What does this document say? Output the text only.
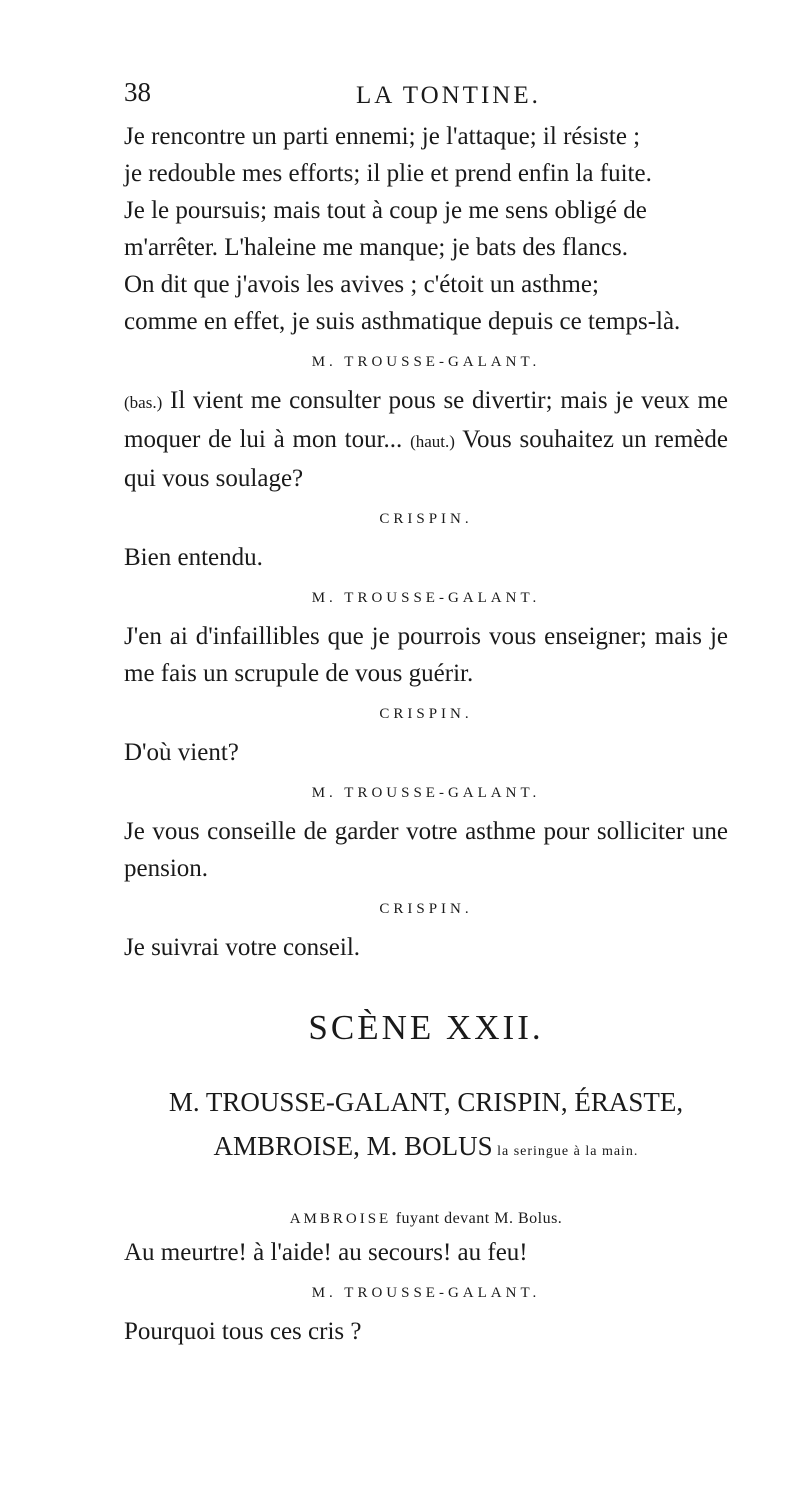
38	LA TONTINE.

Je rencontre un parti ennemi; je l'attaque; il résiste ;
je redouble mes efforts; il plie et prend enfin la fuite.
Je le poursuis; mais tout à coup je me sens obligé de
m'arrêter. L'haleine me manque; je bats des flancs.
On dit que j'avois les avives ; c'étoit un asthme;
comme en effet, je suis asthmatique depuis ce temps-là.

M. TROUSSE-GALANT.

(bas.) Il vient me consulter pous se divertir; mais je veux me moquer de lui à mon tour... (haut.) Vous souhaitez un remède qui vous soulage?

CRISPIN.

Bien entendu.

M. TROUSSE-GALANT.

J'en ai d'infaillibles que je pourrois vous enseigner; mais je me fais un scrupule de vous guérir.

CRISPIN.

D'où vient?

M. TROUSSE-GALANT.

Je vous conseille de garder votre asthme pour solliciter une pension.

CRISPIN.

Je suivrai votre conseil.

SCÈNE XXII.

M. TROUSSE-GALANT, CRISPIN, ÉRASTE,
AMBROISE, M. BOLUS la seringue à la main.

AMBROISE fuyant devant M. Bolus.

Au meurtre! à l'aide! au secours! au feu!

M. TROUSSE-GALANT.

Pourquoi tous ces cris ?
